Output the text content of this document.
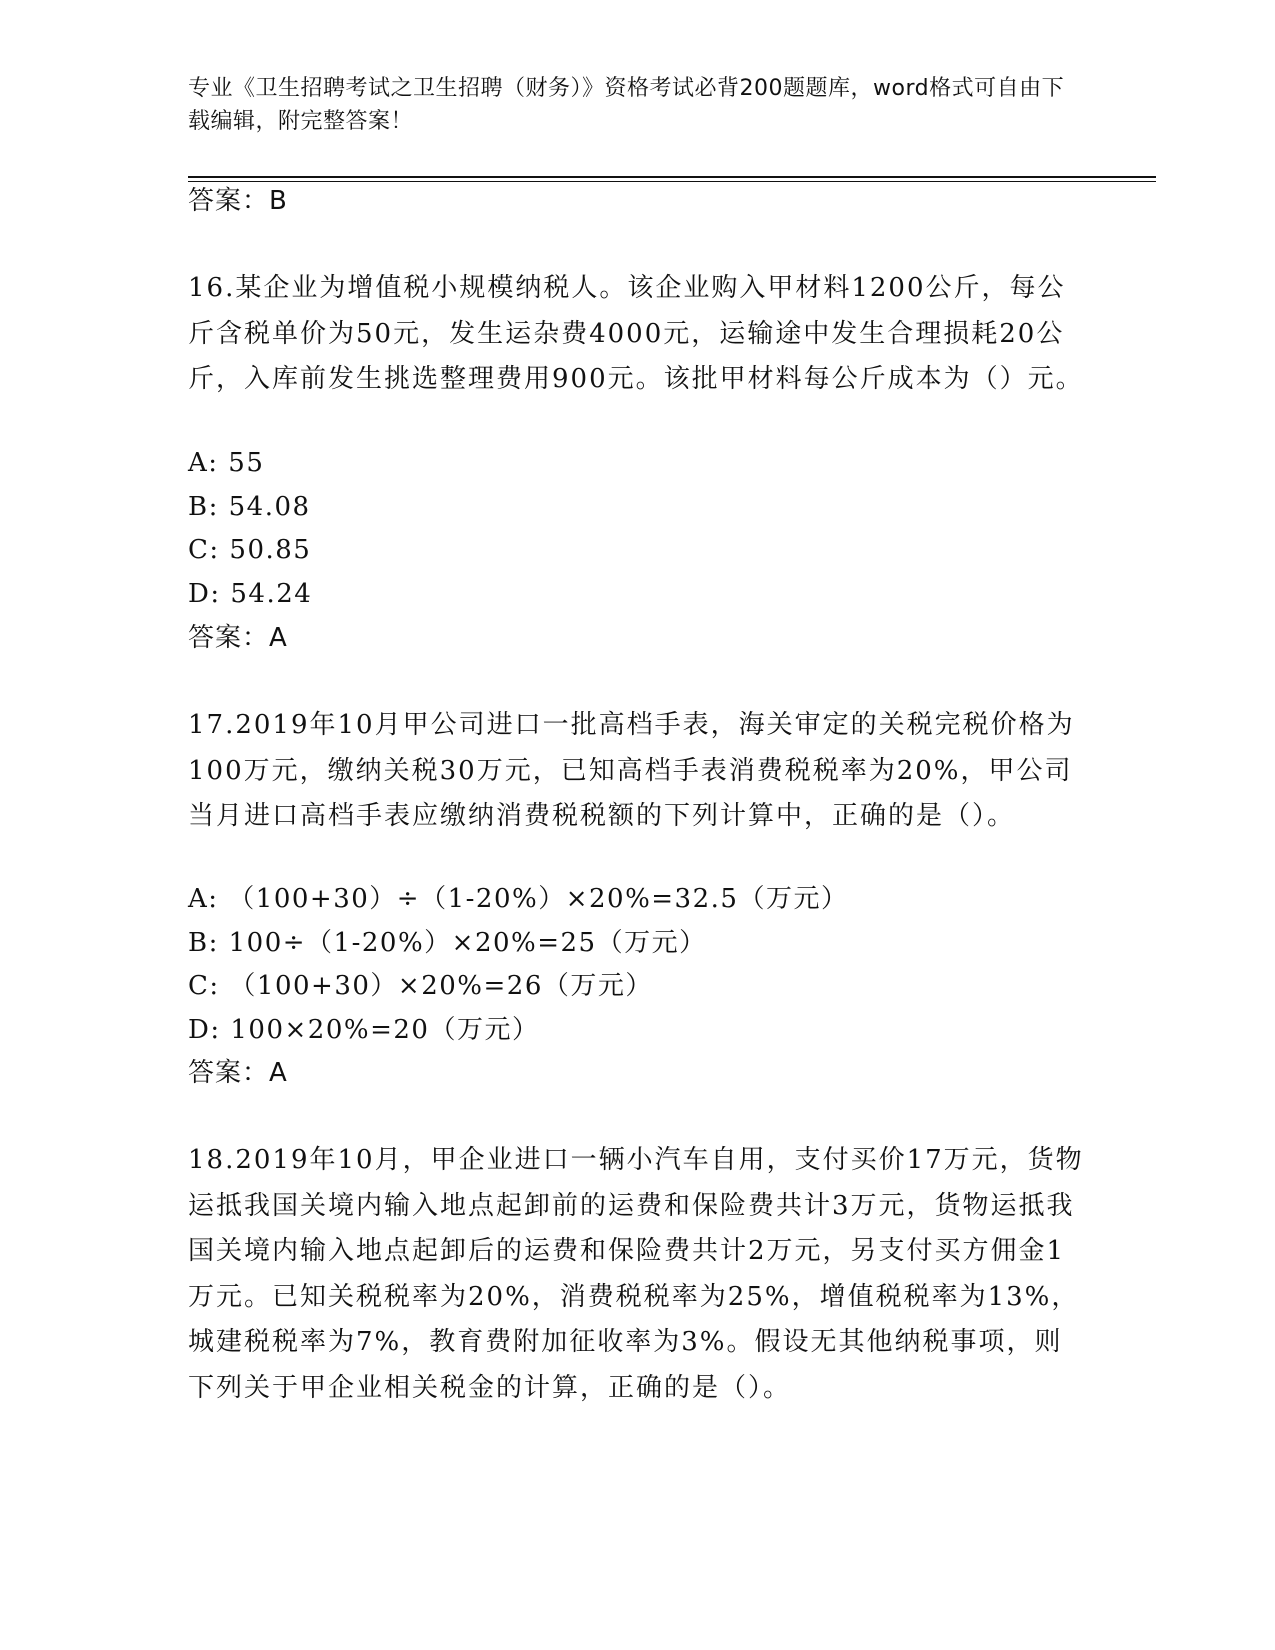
专业《卫生招聘考试之卫生招聘（财务）》资格考试必背200题题库，word格式可自由下载编辑，附完整答案！
答案：B
16.某企业为增值税小规模纳税人。该企业购入甲材料1200公斤，每公斤含税单价为50元，发生运杂费4000元，运输途中发生合理损耗20公斤，入库前发生挑选整理费用900元。该批甲材料每公斤成本为（）元。
A: 55
B: 54.08
C: 50.85
D: 54.24
答案：A
17.2019年10月甲公司进口一批高档手表，海关审定的关税完税价格为100万元，缴纳关税30万元，已知高档手表消费税税率为20%，甲公司当月进口高档手表应缴纳消费税税额的下列计算中，正确的是（）。
A: （100+30）÷（1-20%）×20%=32.5（万元）
B: 100÷（1-20%）×20%=25（万元）
C: （100+30）×20%=26（万元）
D: 100×20%=20（万元）
答案：A
18.2019年10月，甲企业进口一辆小汽车自用，支付买价17万元，货物运抵我国关境内输入地点起卸前的运费和保险费共计3万元，货物运抵我国关境内输入地点起卸后的运费和保险费共计2万元，另支付买方佣金1万元。已知关税税率为20%，消费税税率为25%，增值税税率为13%，城建税税率为7%，教育费附加征收率为3%。假设无其他纳税事项，则下列关于甲企业相关税金的计算，正确的是（）。
